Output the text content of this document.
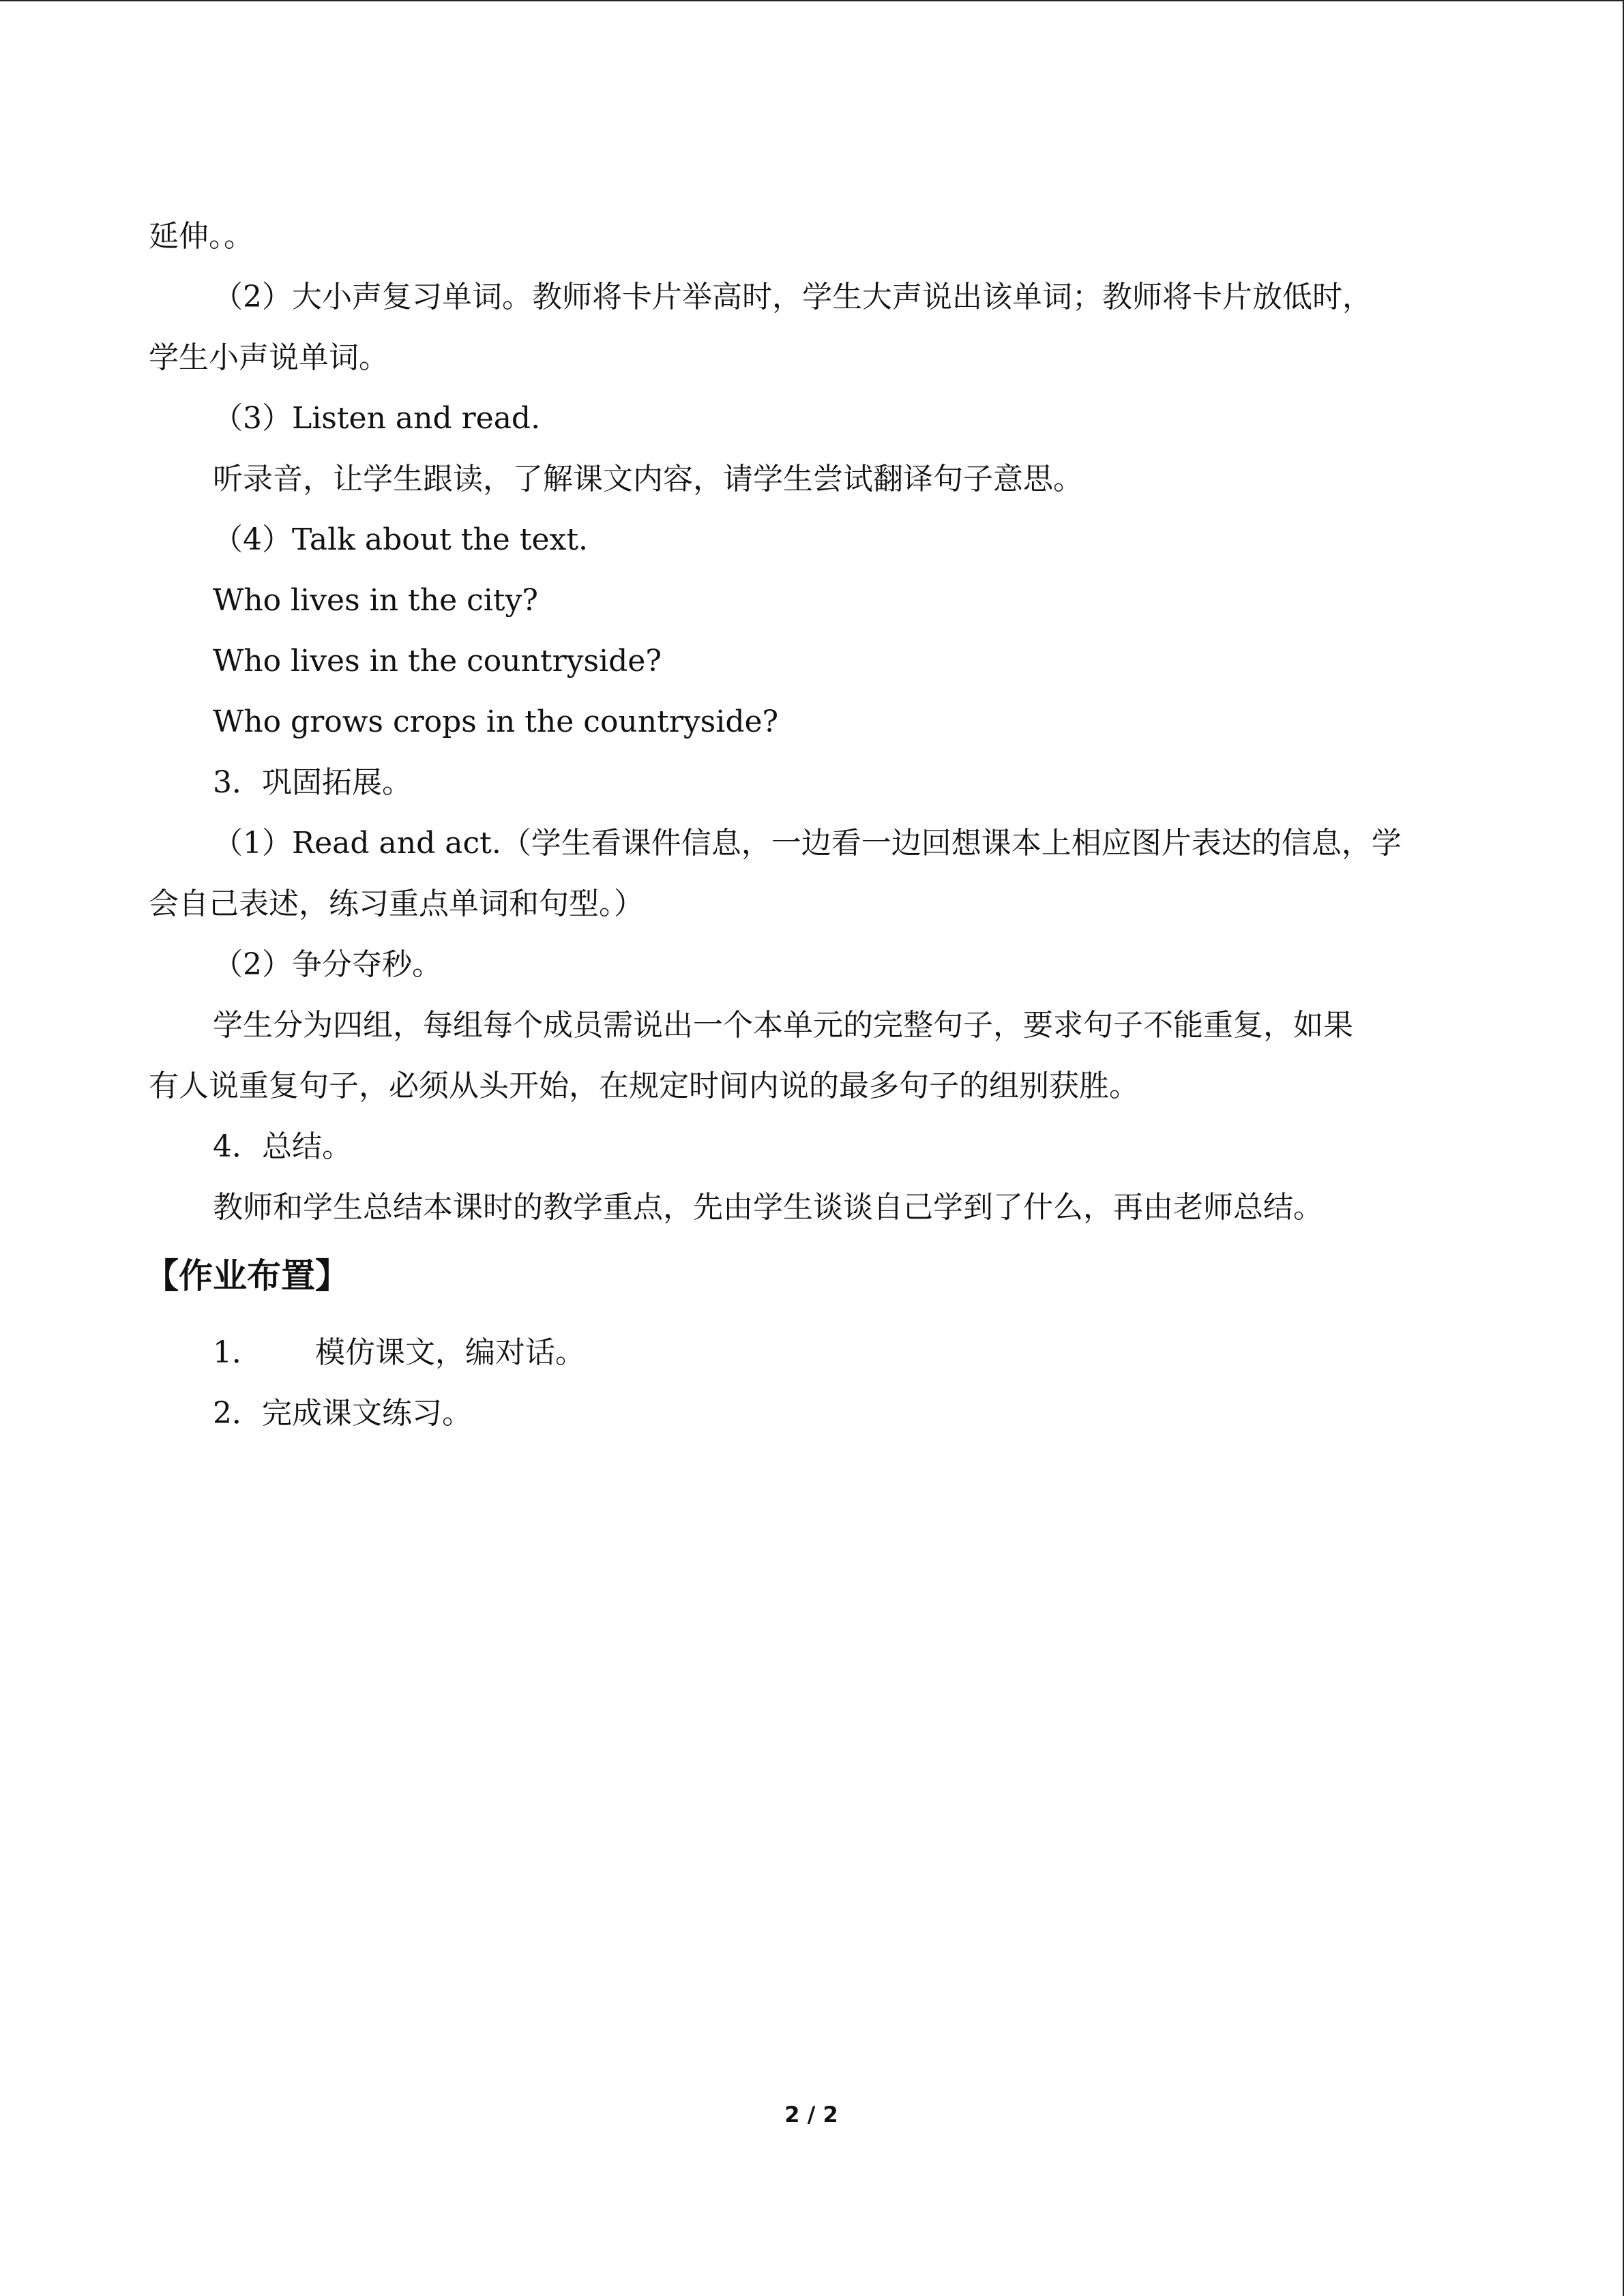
延伸。。

（2）大小声复习单词。教师将卡片举高时，学生大声说出该单词；教师将卡片放低时，

学生小声说单词。

（3）Listen and read.

听录音，让学生跟读，了解课文内容，请学生尝试翻译句子意思。

（4）Talk about the text.

Who lives in the city?

Who lives in the countryside?

Who grows crops in the countryside?

3．巩固拓展。

（1）Read and act.（学生看课件信息，一边看一边回想课本上相应图片表达的信息，学

会自己表述，练习重点单词和句型。）

（2）争分夺秒。

学生分为四组，每组每个成员需说出一个本单元的完整句子，要求句子不能重复，如果

有人说重复句子，必须从头开始，在规定时间内说的最多句子的组别获胜。

4．总结。

教师和学生总结本课时的教学重点，先由学生谈谈自己学到了什么，再由老师总结。

【作业布置】

1． 模仿课文，编对话。

2．完成课文练习。

2 / 2
